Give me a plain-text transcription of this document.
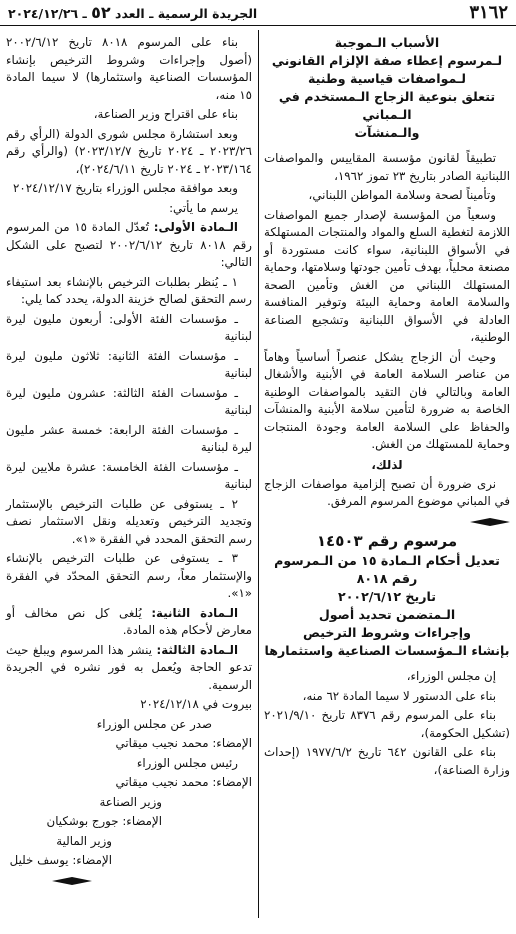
٣١٦٢
الجريدة الرسمية ـ العدد ٥٢ ـ ٢٠٢٤/١٢/٢٦
الأسباب الـموجبة
لـمرسوم إعطاء صفة الإلزام القانوني
لـمواصفات قياسية وطنية
تتعلق بنوعية الزجاج الـمستخدم في الـمباني
والـمنشآت

تطبيقاً لقانون مؤسسة المقاييس والمواصفات اللبنانية الصادر بتاريخ ٢٣ تموز ١٩٦٢،

وتأميناً لصحة وسلامة المواطن اللبناني،

وسعياً من المؤسسة لإصدار جميع المواصفات اللازمة لتغطية السلع والمواد والمنتجات المستهلكة في الأسواق اللبنانية، سواء كانت مستوردة أو مصنعة محلياً، بهدف تأمين جودتها وسلامتها، وحماية المستهلك اللبناني من الغش وتأمين الصحة والسلامة العامة وحماية البيئة وتوفير المنافسة العادلة في الأسواق اللبنانية وتشجيع الصناعة الوطنية،

وحيث أن الزجاج يشكل عنصراً أساسياً وهاماً من عناصر السلامة العامة في الأبنية والأشغال العامة وبالتالي فان التقيد بالمواصفات الوطنية الخاصة به ضرورة لتأمين سلامة الأبنية والمنشآت والحفاظ على السلامة العامة وجودة المنتجات وحماية للمستهلك من الغش.

لذلك،

نرى ضرورة أن تصبح إلزامية مواصفات الزجاج في المباني موضوع المرسوم المرفق.

مرسوم رقم ١٤٥٠٣
تعديل أحكام الـمادة ١٥ من الـمرسوم رقم ٨٠١٨
تاريخ ٢٠٠٢/٦/١٢
الـمتضمن تحديد أصول
وإجراءات وشروط الترخيص
بإنشاء الـمؤسسات الصناعية واستثمارها

إن مجلس الوزراء،

بناء على الدستور لا سيما المادة ٦٢ منه،

بناء على المرسوم رقم ٨٣٧٦ تاريخ ٢٠٢١/٩/١٠ (تشكيل الحكومة)،

بناء على القانون ٦٤٢ تاريخ ١٩٧٧/٦/٢ (إحداث وزارة الصناعة)،

بناء على المرسوم ٨٠١٨ تاريخ ٢٠٠٢/٦/١٢ (أصول وإجراءات وشروط الترخيص بإنشاء المؤسسات الصناعية واستثمارها) لا سيما المادة ١٥ منه،

بناء على اقتراح وزير الصناعة،

وبعد استشارة مجلس شورى الدولة (الرأي رقم ٢٠٢٣/٢٦ ـ ٢٠٢٤ تاريخ ٢٠٢٣/١٢/٧) (والرأي رقم ٢٠٢٣/١٦٤ ـ ٢٠٢٤ تاريخ ٢٠٢٤/٦/١١)،

وبعد موافقة مجلس الوزراء بتاريخ ٢٠٢٤/١٢/١٧

يرسم ما يأتي:

الـمادة الأولى: تُعدّل المادة ١٥ من المرسوم رقم ٨٠١٨ تاريخ ٢٠٠٢/٦/١٢ لتصبح على الشكل التالي:

١ ـ يُنظر بطلبات الترخيص بالإنشاء بعد استيفاء رسم التحقق لصالح خزينة الدولة، يحدد كما يلي:

ـ مؤسسات الفئة الأولى: أربعون مليون ليرة لبنانية

ـ مؤسسات الفئة الثانية: ثلاثون مليون ليرة لبنانية

ـ مؤسسات الفئة الثالثة: عشرون مليون ليرة لبنانية

ـ مؤسسات الفئة الرابعة: خمسة عشر مليون ليرة لبنانية

ـ مؤسسات الفئة الخامسة: عشرة ملايين ليرة لبنانية

٢ ـ يستوفى عن طلبات الترخيص بالإستثمار وتجديد الترخيص وتعديله ونقل الاستثمار نصف رسم التحقق المحدد في الفقرة «١».

٣ ـ يستوفى عن طلبات الترخيص بالإنشاء والإستثمار معاً، رسم التحقق المحدّد في الفقرة «١».

الـمادة الثانية: يُلغى كل نص مخالف أو معارض لأحكام هذه المادة.

الـمادة الثالثة: ينشر هذا المرسوم ويبلغ حيث تدعو الحاجة ويُعمل به فور نشره في الجريدة الرسمية.

بيروت في ٢٠٢٤/١٢/١٨

صدر عن مجلس الوزراء

الإمضاء: محمد نجيب ميقاتي

رئيس مجلس الوزراء

الإمضاء: محمد نجيب ميقاتي

وزير الصناعة

الإمضاء: جورج بوشكيان

وزير المالية

الإمضاء: يوسف خليل
